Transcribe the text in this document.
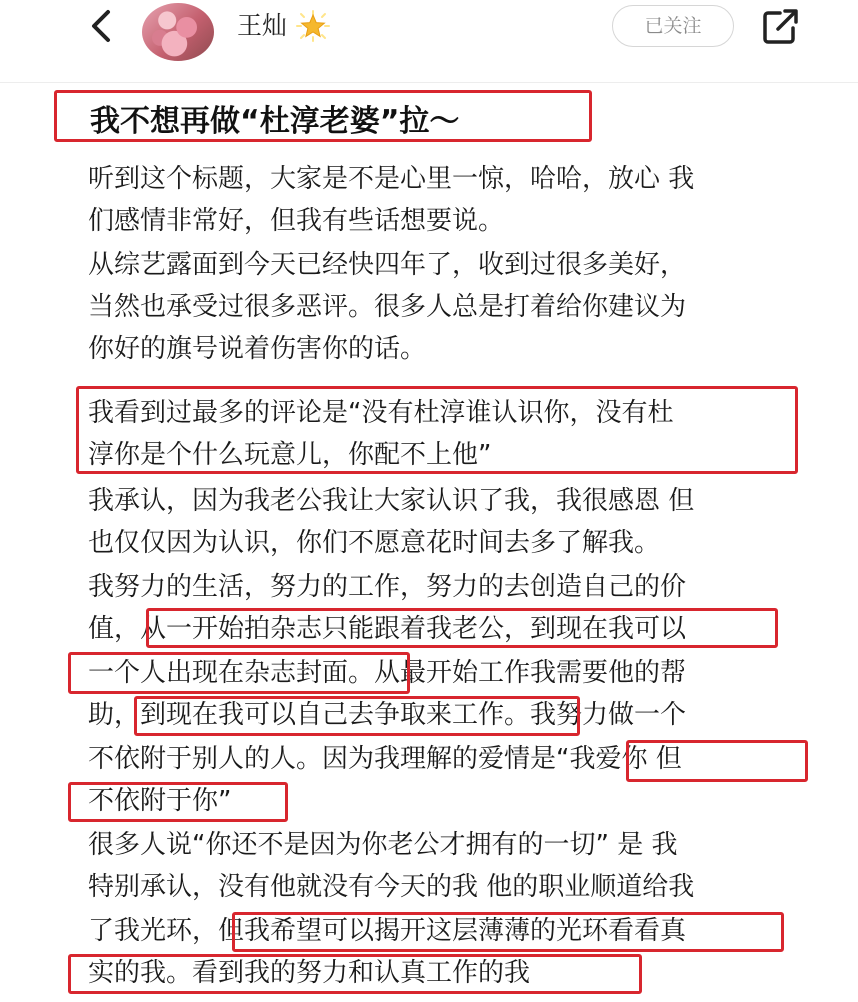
王灿	已关注
我不想再做“杜淳老婆”拉～

听到这个标题，大家是不是心里一惊，哈哈，放心 我

们感情非常好，但我有些话想要说。

从综艺露面到今天已经快四年了，收到过很多美好，

当然也承受过很多恶评。很多人总是打着给你建议为

你好的旗号说着伤害你的话。

我看到过最多的评论是“没有杜淳谁认识你，没有杜

淳你是个什么玩意儿，你配不上他”

我承认，因为我老公我让大家认识了我，我很感恩 但

也仅仅因为认识，你们不愿意花时间去多了解我。

我努力的生活，努力的工作，努力的去创造自己的价

值，从一开始拍杂志只能跟着我老公，到现在我可以

一个人出现在杂志封面。从最开始工作我需要他的帮

助，到现在我可以自己去争取来工作。我努力做一个

不依附于别人的人。因为我理解的爱情是“我爱你 但

不依附于你”

很多人说“你还不是因为你老公才拥有的一切” 是 我

特别承认，没有他就没有今天的我 他的职业顺道给我

了我光环，但我希望可以揭开这层薄薄的光环看看真

实的我。看到我的努力和认真工作的我
